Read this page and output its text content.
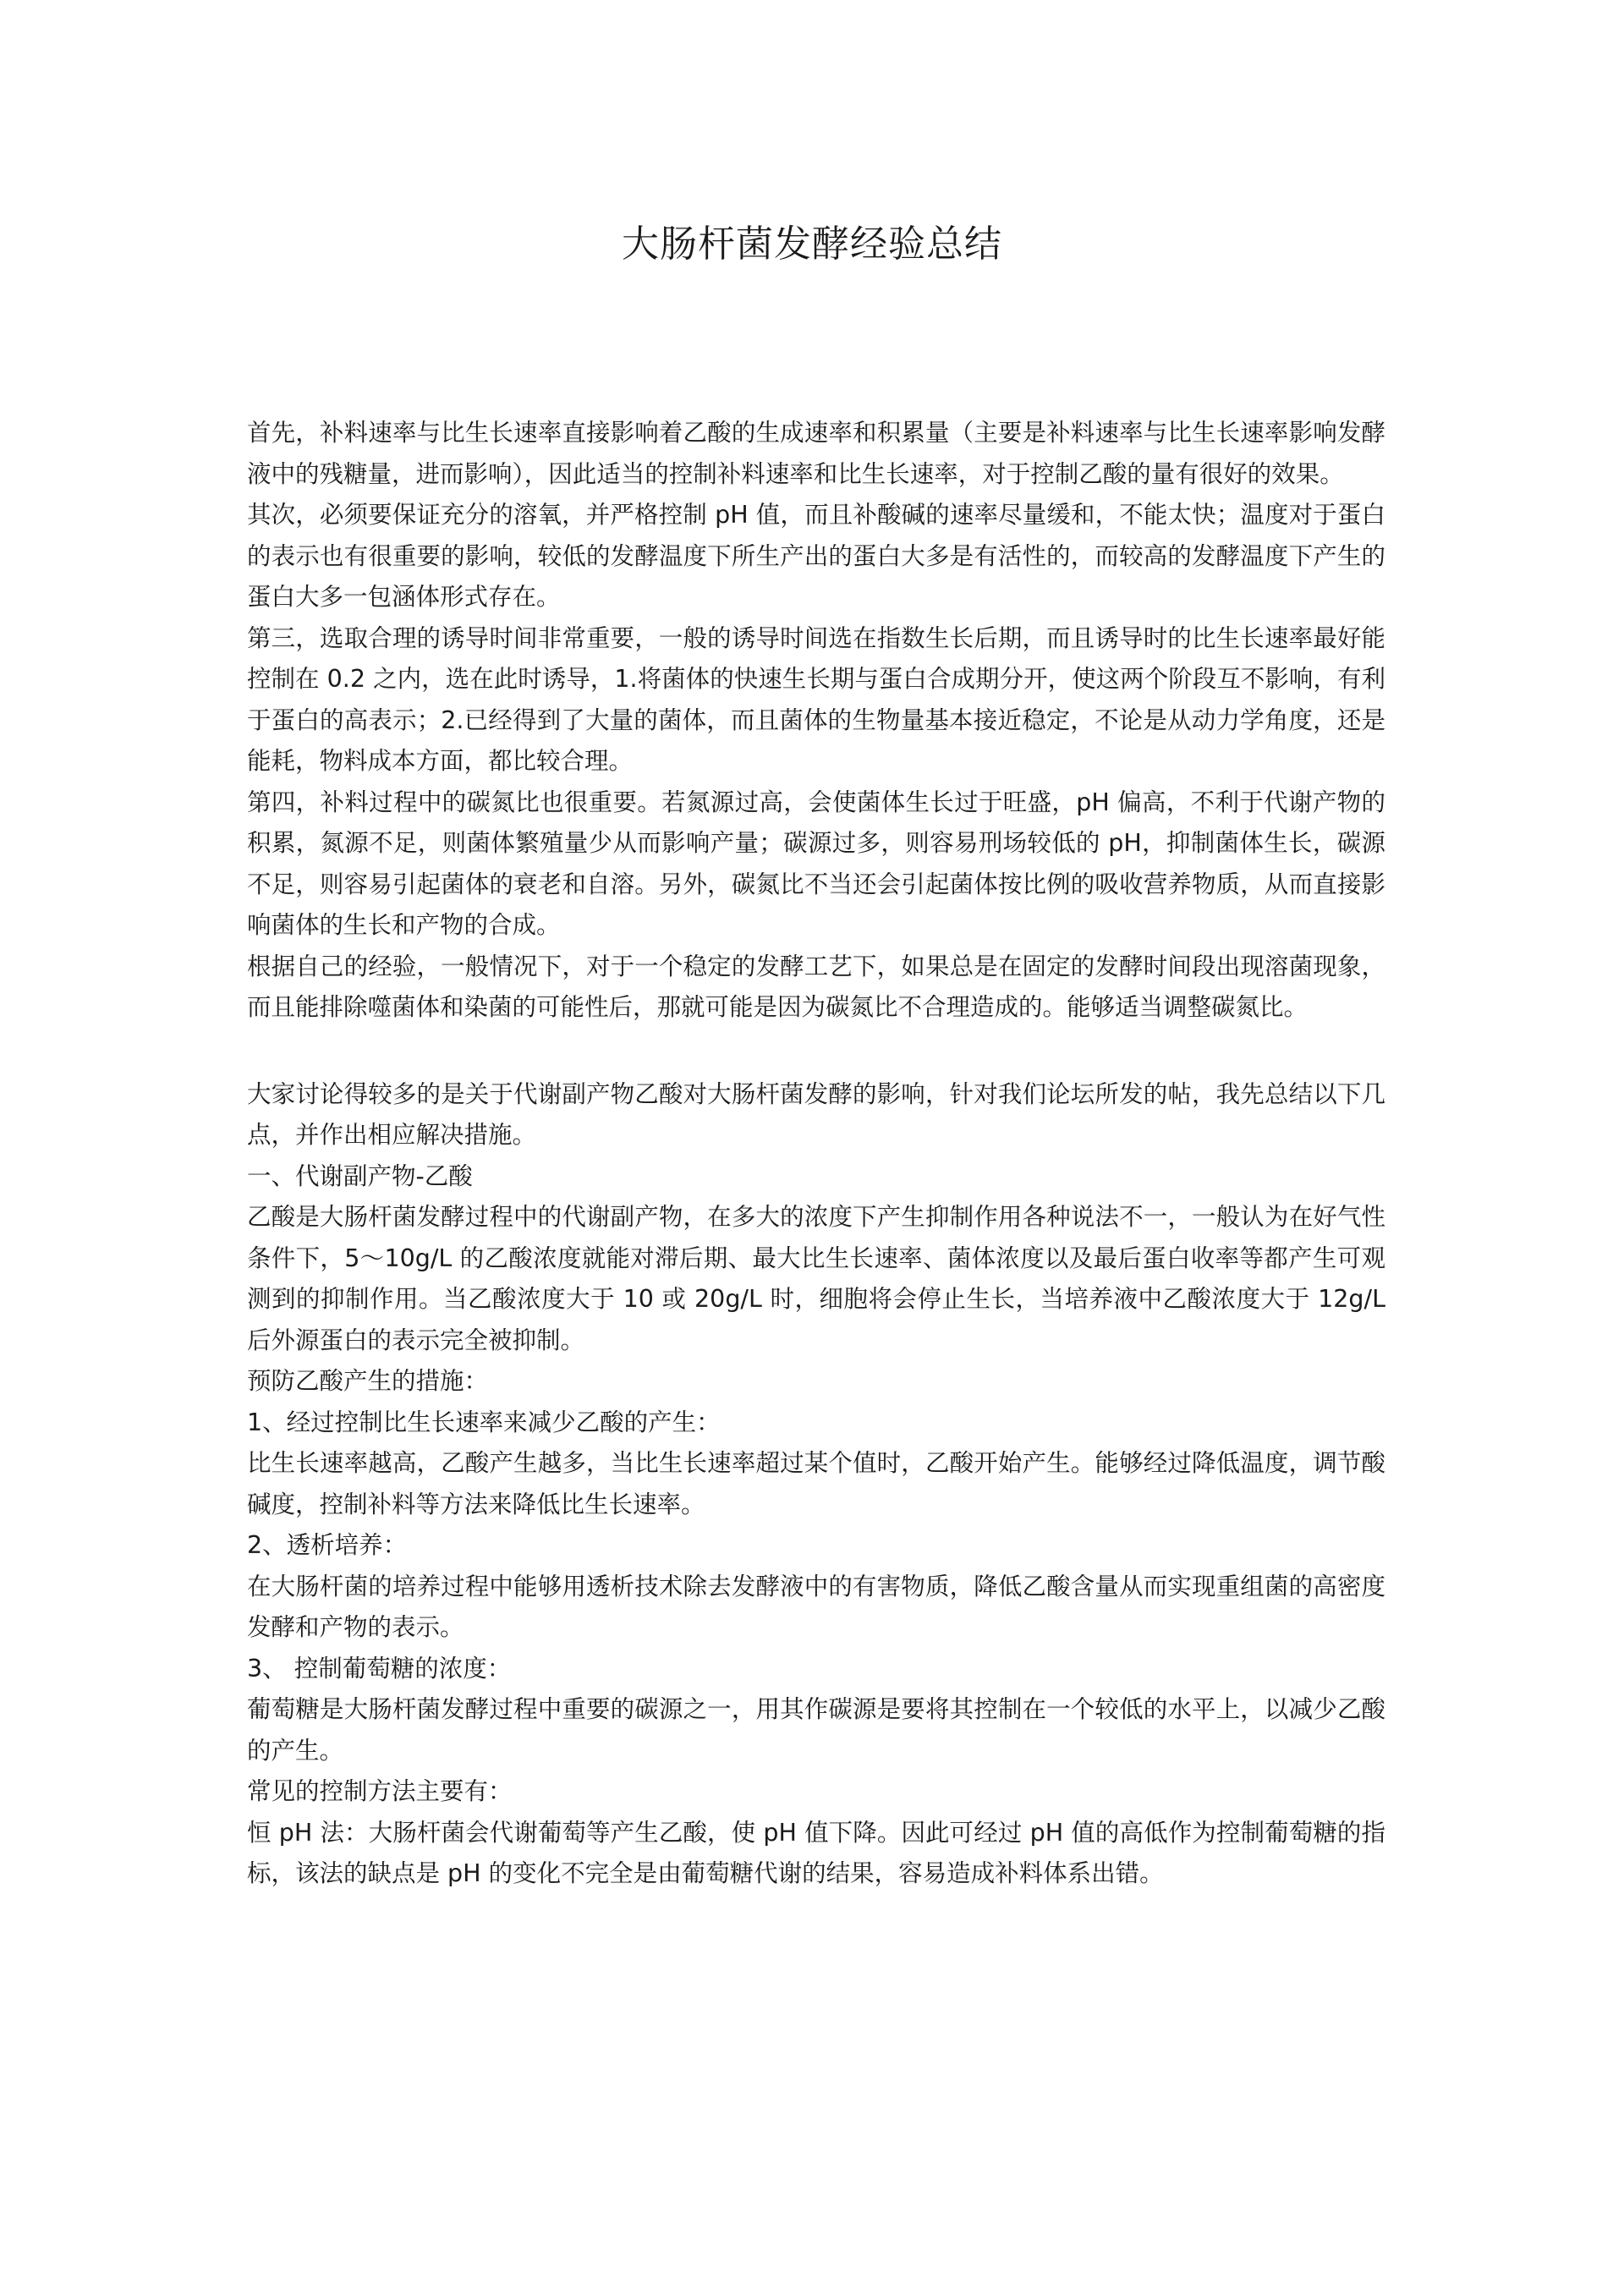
大肠杆菌发酵经验总结

首先，补料速率与比生长速率直接影响着乙酸的生成速率和积累量（主要是补料速率与比生长速率影响发酵液中的残糖量，进而影响），因此适当的控制补料速率和比生长速率，对于控制乙酸的量有很好的效果。

其次，必须要保证充分的溶氧，并严格控制 pH 值，而且补酸碱的速率尽量缓和，不能太快；温度对于蛋白的表示也有很重要的影响，较低的发酵温度下所生产出的蛋白大多是有活性的，而较高的发酵温度下产生的蛋白大多一包涵体形式存在。

第三，选取合理的诱导时间非常重要，一般的诱导时间选在指数生长后期，而且诱导时的比生长速率最好能控制在 0.2 之内，选在此时诱导，1.将菌体的快速生长期与蛋白合成期分开，使这两个阶段互不影响，有利于蛋白的高表示；2.已经得到了大量的菌体，而且菌体的生物量基本接近稳定，不论是从动力学角度，还是能耗，物料成本方面，都比较合理。

第四，补料过程中的碳氮比也很重要。若氮源过高，会使菌体生长过于旺盛，pH 偏高，不利于代谢产物的积累，氮源不足，则菌体繁殖量少从而影响产量；碳源过多，则容易刑场较低的 pH，抑制菌体生长，碳源不足，则容易引起菌体的衰老和自溶。另外，碳氮比不当还会引起菌体按比例的吸收营养物质，从而直接影响菌体的生长和产物的合成。

根据自己的经验，一般情况下，对于一个稳定的发酵工艺下，如果总是在固定的发酵时间段出现溶菌现象，而且能排除噬菌体和染菌的可能性后，那就可能是因为碳氮比不合理造成的。能够适当调整碳氮比。

大家讨论得较多的是关于代谢副产物乙酸对大肠杆菌发酵的影响，针对我们论坛所发的帖，我先总结以下几点，并作出相应解决措施。

一、代谢副产物-乙酸

乙酸是大肠杆菌发酵过程中的代谢副产物，在多大的浓度下产生抑制作用各种说法不一，一般认为在好气性条件下，5～10g/L 的乙酸浓度就能对滞后期、最大比生长速率、菌体浓度以及最后蛋白收率等都产生可观测到的抑制作用。当乙酸浓度大于 10 或 20g/L 时，细胞将会停止生长，当培养液中乙酸浓度大于 12g/L 后外源蛋白的表示完全被抑制。

预防乙酸产生的措施：

1、经过控制比生长速率来减少乙酸的产生：

比生长速率越高，乙酸产生越多，当比生长速率超过某个值时，乙酸开始产生。能够经过降低温度，调节酸碱度，控制补料等方法来降低比生长速率。

2、透析培养：

在大肠杆菌的培养过程中能够用透析技术除去发酵液中的有害物质，降低乙酸含量从而实现重组菌的高密度发酵和产物的表示。

3、 控制葡萄糖的浓度：

葡萄糖是大肠杆菌发酵过程中重要的碳源之一，用其作碳源是要将其控制在一个较低的水平上，以减少乙酸的产生。

常见的控制方法主要有：

恒 pH 法：大肠杆菌会代谢葡萄等产生乙酸，使 pH 值下降。因此可经过 pH 值的高低作为控制葡萄糖的指标，该法的缺点是 pH 的变化不完全是由葡萄糖代谢的结果，容易造成补料体系出错。
